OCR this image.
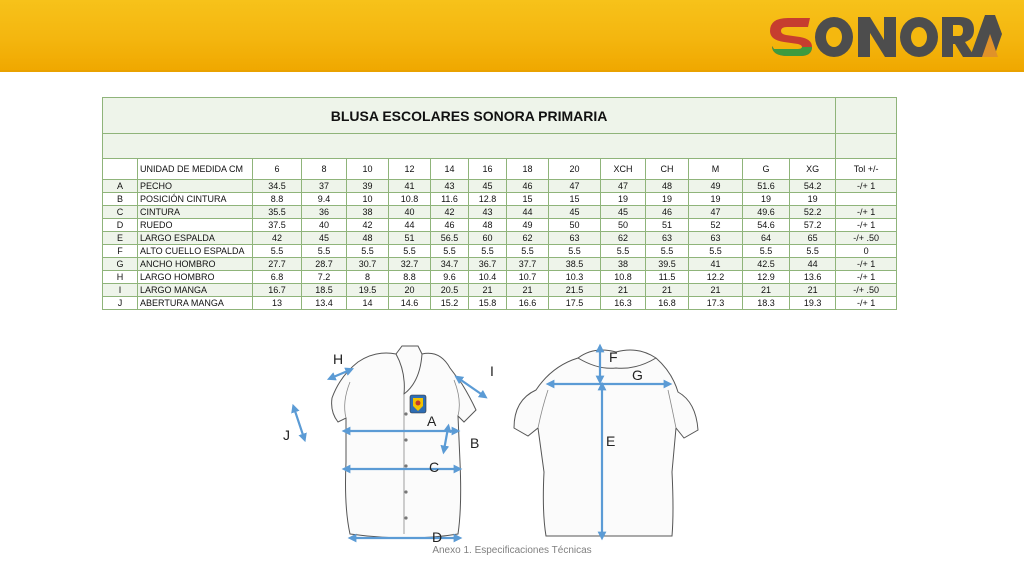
BLUSA ESCOLARES SONORA PRIMARIA															

	UNIDAD DE MEDIDA CM	6	8	10	12	14	16	18	20	XCH	CH	M	G	XG	Tol +/-
A	PECHO	34.5	37	39	41	43	45	46	47	47	48	49	51.6	54.2	-/+ 1
B	POSICIÓN CINTURA	8.8	9.4	10	10.8	11.6	12.8	15	15	19	19	19	19	19	
C	CINTURA	35.5	36	38	40	42	43	44	45	45	46	47	49.6	52.2	-/+ 1
D	RUEDO	37.5	40	42	44	46	48	49	50	50	51	52	54.6	57.2	-/+ 1
E	LARGO ESPALDA	42	45	48	51	56.5	60	62	63	62	63	63	64	65	-/+ .50
F	ALTO CUELLO ESPALDA	5.5	5.5	5.5	5.5	5.5	5.5	5.5	5.5	5.5	5.5	5.5	5.5	5.5	0
G	ANCHO HOMBRO	27.7	28.7	30.7	32.7	34.7	36.7	37.7	38.5	38	39.5	41	42.5	44	-/+ 1
H	LARGO HOMBRO	6.8	7.2	8	8.8	9.6	10.4	10.7	10.3	10.8	11.5	12.2	12.9	13.6	-/+ 1
I	LARGO MANGA	16.7	18.5	19.5	20	20.5	21	21	21.5	21	21	21	21	21	-/+ .50
J	ABERTURA MANGA	13	13.4	14	14.6	15.2	15.8	16.6	17.5	16.3	16.8	17.3	18.3	19.3	-/+ 1
H
I
A
B
J
C
D
F
G
E
Anexo 1. Especificaciones Técnicas
